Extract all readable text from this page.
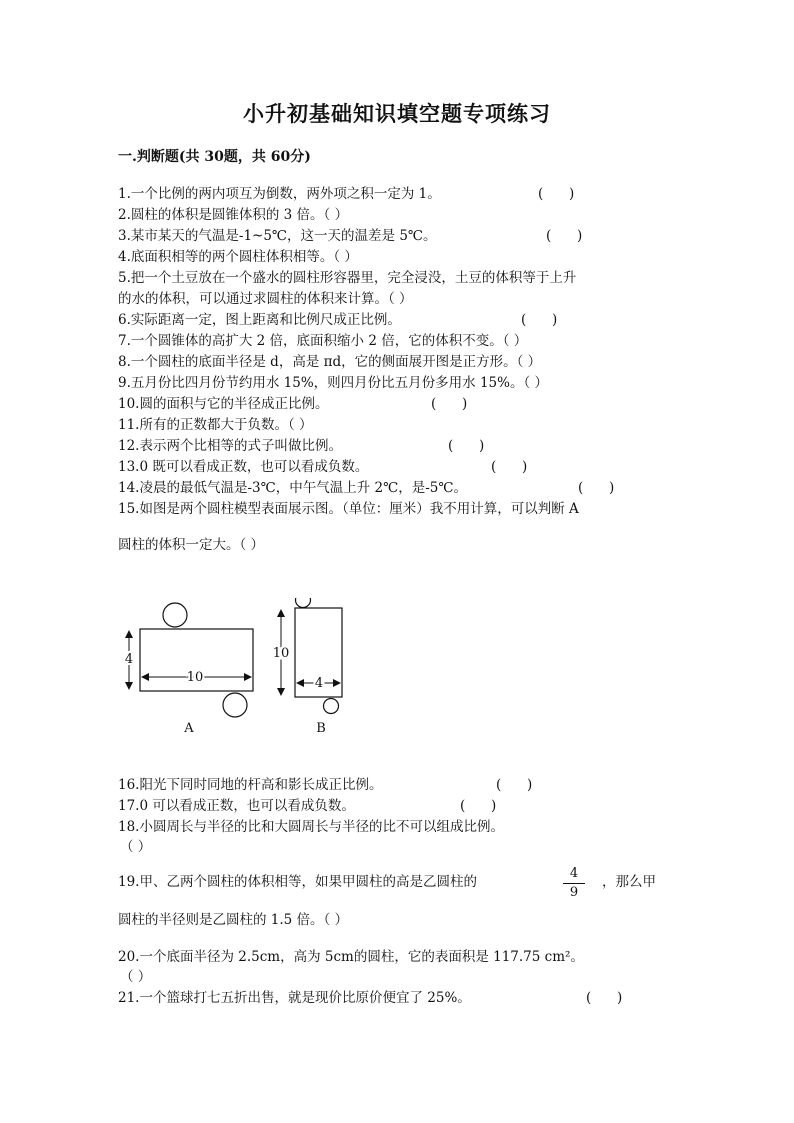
小升初基础知识填空题专项练习
一.判断题(共 30题，共 60分)
1.一个比例的两内项互为倒数，两外项之积一定为 1。	(      )
2.圆柱的体积是圆锥体积的 3 倍。（ ）
3.某市某天的气温是-1~5℃，这一天的温差是 5℃。	(      )
4.底面积相等的两个圆柱体积相等。（ ）
5.把一个土豆放在一个盛水的圆柱形容器里，完全浸没，土豆的体积等于上升
的水的体积，可以通过求圆柱的体积来计算。（ ）
6.实际距离一定，图上距离和比例尺成正比例。	(      )
7.一个圆锥体的高扩大 2 倍，底面积缩小 2 倍，它的体积不变。（ ）
8.一个圆柱的底面半径是 d，高是 πd，它的侧面展开图是正方形。（ ）
9.五月份比四月份节约用水 15%，则四月份比五月份多用水 15%。（ ）
10.圆的面积与它的半径成正比例。	(      )
11.所有的正数都大于负数。（ ）
12.表示两个比相等的式子叫做比例。	(      )
13.0 既可以看成正数，也可以看成负数。	(      )
14.凌晨的最低气温是-3℃，中午气温上升 2℃，是-5℃。	(      )
15.如图是两个圆柱模型表面展示图。（单位：厘米）我不用计算，可以判断 A
圆柱的体积一定大。（ ）
4
10
A
10
4
B
16.阳光下同时同地的杆高和影长成正比例。	(      )
17.0 可以看成正数，也可以看成负数。	(      )
18.小圆周长与半径的比和大圆周长与半径的比不可以组成比例。
（ ）
19.甲、乙两个圆柱的体积相等，如果甲圆柱的高是乙圆柱的	，那么甲
$\frac{4}{9}$
圆柱的半径则是乙圆柱的 1.5 倍。（ ）
20.一个底面半径为 2.5cm，高为 5cm的圆柱，它的表面积是 117.75 cm²。
（ ）
21.一个篮球打七五折出售，就是现价比原价便宜了 25%。	(      )
